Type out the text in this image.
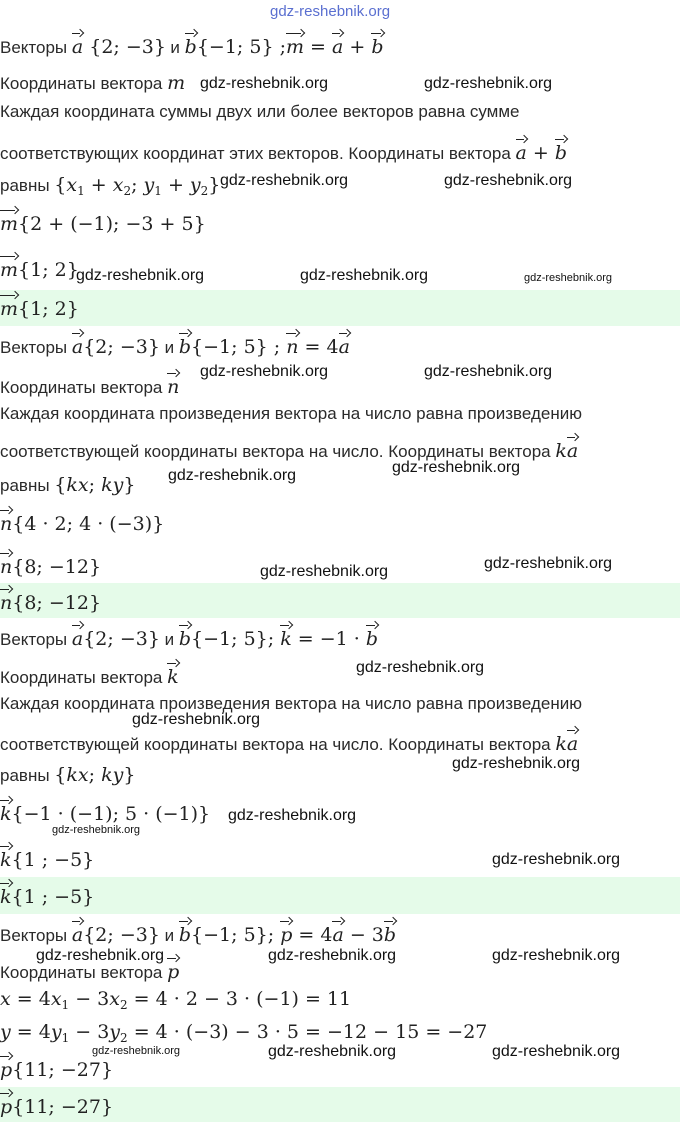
Векторы a {2; −3} и b{−1; 5} ;m = a + b
Координаты вектора m
Каждая координата суммы двух или более векторов равна сумме
соответствующих координат этих векторов. Координаты вектора a + b
равны {$x_1 + x_2$; $y_1 + y_2$}
m{2 + (−1); −3 + 5}
m{1; 2}
m{1; 2}
Векторы a{2; −3} и b{−1; 5} ; n = 4a
Координаты вектора n
Каждая координата произведения вектора на число равна произведению
соответствующей координаты вектора на число. Координаты вектора ka
равны {kx; ky}
n{4 · 2; 4 · (−3)}
n{8; −12}
n{8; −12}
Векторы a{2; −3} и b{−1; 5}; k = −1 · b
Координаты вектора k
Каждая координата произведения вектора на число равна произведению
соответствующей координаты вектора на число. Координаты вектора ka
равны {kx; ky}
k{−1 · (−1); 5 · (−1)}
k{1 ; −5}
k{1 ; −5}
Векторы a{2; −3} и b{−1; 5}; p = 4a − 3b
Координаты вектора p
$x = 4x_1 - 3x_2 = 4 \cdot 2 - 3 \cdot (-1) = 11$
$y = 4y_1 - 3y_2 = 4 \cdot (-3) - 3 \cdot 5 = -12 - 15 = -27$
p{11; −27}
p{11; −27}
gdz-reshebnik.org
gdz-reshebnik.org	gdz-reshebnik.org
gdz-reshebnik.org	gdz-reshebnik.org
gdz-reshebnik.org	gdz-reshebnik.org	gdz-reshebnik.org
gdz-reshebnik.org	gdz-reshebnik.org
gdz-reshebnik.org
gdz-reshebnik.org
gdz-reshebnik.org
gdz-reshebnik.org
gdz-reshebnik.org
gdz-reshebnik.org
gdz-reshebnik.org
gdz-reshebnik.org
gdz-reshebnik.org
gdz-reshebnik.org
gdz-reshebnik.org	gdz-reshebnik.org	gdz-reshebnik.org
gdz-reshebnik.org	gdz-reshebnik.org	gdz-reshebnik.org
